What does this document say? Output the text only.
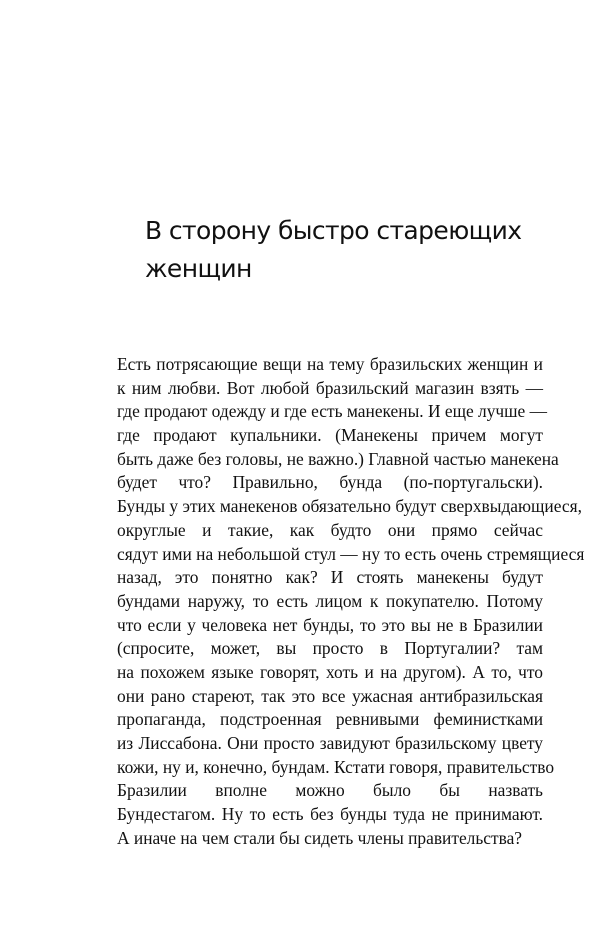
В сторону быстро стареющих
женщин
Есть потрясающие вещи на тему бразильских женщин и
к ним любви. Вот любой бразильский магазин взять —
где продают одежду и где есть манекены. И еще лучше —
где продают купальники. (Манекены причем могут
быть даже без головы, не важно.) Главной частью манекена
будет что? Правильно, бунда (по-португальски).
Бунды у этих манекенов обязательно будут сверхвыдающиеся,
округлые и такие, как будто они прямо сейчас
сядут ими на небольшой стул — ну то есть очень стремящиеся
назад, это понятно как? И стоять манекены будут
бундами наружу, то есть лицом к покупателю. Потому
что если у человека нет бунды, то это вы не в Бразилии
(спросите, может, вы просто в Португалии? там
на похожем языке говорят, хоть и на другом). А то, что
они рано стареют, так это все ужасная антибразильская
пропаганда, подстроенная ревнивыми феминистками
из Лиссабона. Они просто завидуют бразильскому цвету
кожи, ну и, конечно, бундам. Кстати говоря, правительство
Бразилии вполне можно было бы назвать
Бундестагом. Ну то есть без бунды туда не принимают.
А иначе на чем стали бы сидеть члены правительства?
